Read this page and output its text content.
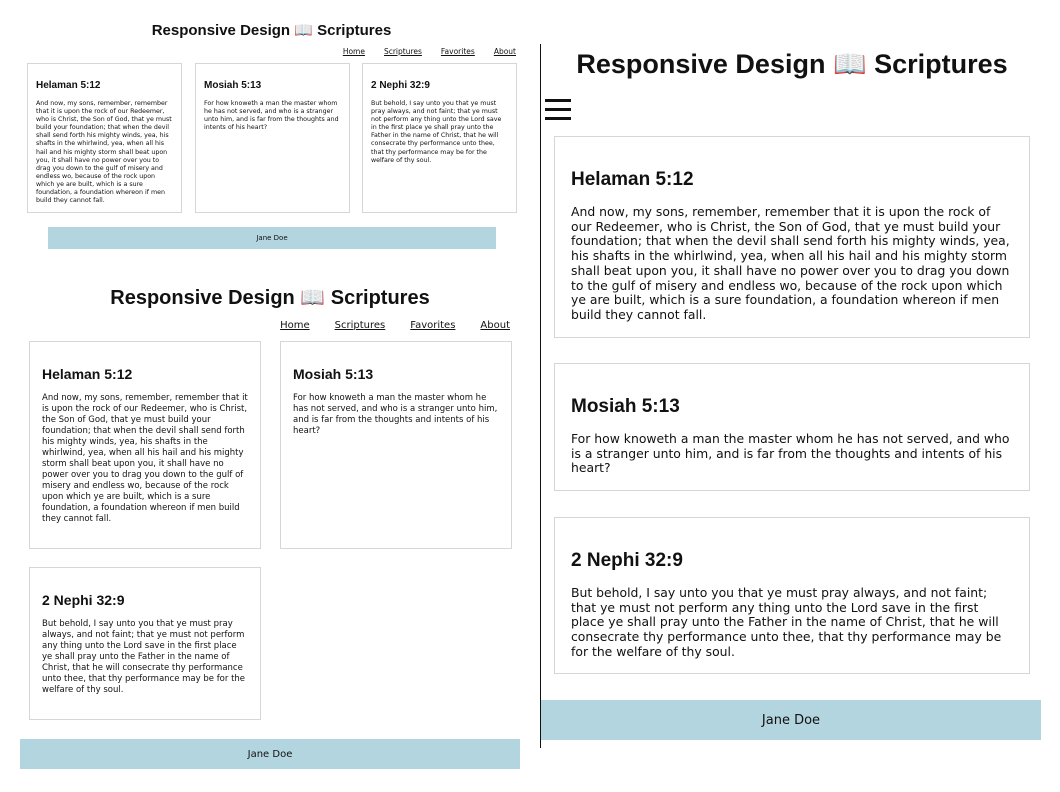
Responsive Design 📖 Scriptures
Home	Scriptures	Favorites	About
Helaman 5:12

And now, my sons, remember, remember that it is upon the rock of our Redeemer, who is Christ, the Son of God, that ye must build your foundation; that when the devil shall send forth his mighty winds, yea, his shafts in the whirlwind, yea, when all his hail and his mighty storm shall beat upon you, it shall have no power over you to drag you down to the gulf of misery and endless wo, because of the rock upon which ye are built, which is a sure foundation, a foundation whereon if men build they cannot fall.

Mosiah 5:13

For how knoweth a man the master whom he has not served, and who is a stranger unto him, and is far from the thoughts and intents of his heart?

2 Nephi 32:9

But behold, I say unto you that ye must pray always, and not faint; that ye must not perform any thing unto the Lord save in the first place ye shall pray unto the Father in the name of Christ, that he will consecrate thy performance unto thee, that thy performance may be for the welfare of thy soul.

Jane Doe
Responsive Design 📖 Scriptures
Home	Scriptures	Favorites	About
Helaman 5:12

And now, my sons, remember, remember that it is upon the rock of our Redeemer, who is Christ, the Son of God, that ye must build your foundation; that when the devil shall send forth his mighty winds, yea, his shafts in the whirlwind, yea, when all his hail and his mighty storm shall beat upon you, it shall have no power over you to drag you down to the gulf of misery and endless wo, because of the rock upon which ye are built, which is a sure foundation, a foundation whereon if men build they cannot fall.

Mosiah 5:13

For how knoweth a man the master whom he has not served, and who is a stranger unto him, and is far from the thoughts and intents of his heart?

2 Nephi 32:9

But behold, I say unto you that ye must pray always, and not faint; that ye must not perform any thing unto the Lord save in the first place ye shall pray unto the Father in the name of Christ, that he will consecrate thy performance unto thee, that thy performance may be for the welfare of thy soul.

Jane Doe
Responsive Design 📖 Scriptures
Helaman 5:12

And now, my sons, remember, remember that it is upon the rock of our Redeemer, who is Christ, the Son of God, that ye must build your foundation; that when the devil shall send forth his mighty winds, yea, his shafts in the whirlwind, yea, when all his hail and his mighty storm shall beat upon you, it shall have no power over you to drag you down to the gulf of misery and endless wo, because of the rock upon which ye are built, which is a sure foundation, a foundation whereon if men build they cannot fall.

Mosiah 5:13

For how knoweth a man the master whom he has not served, and who is a stranger unto him, and is far from the thoughts and intents of his heart?

2 Nephi 32:9

But behold, I say unto you that ye must pray always, and not faint; that ye must not perform any thing unto the Lord save in the first place ye shall pray unto the Father in the name of Christ, that he will consecrate thy performance unto thee, that thy performance may be for the welfare of thy soul.

Jane Doe
